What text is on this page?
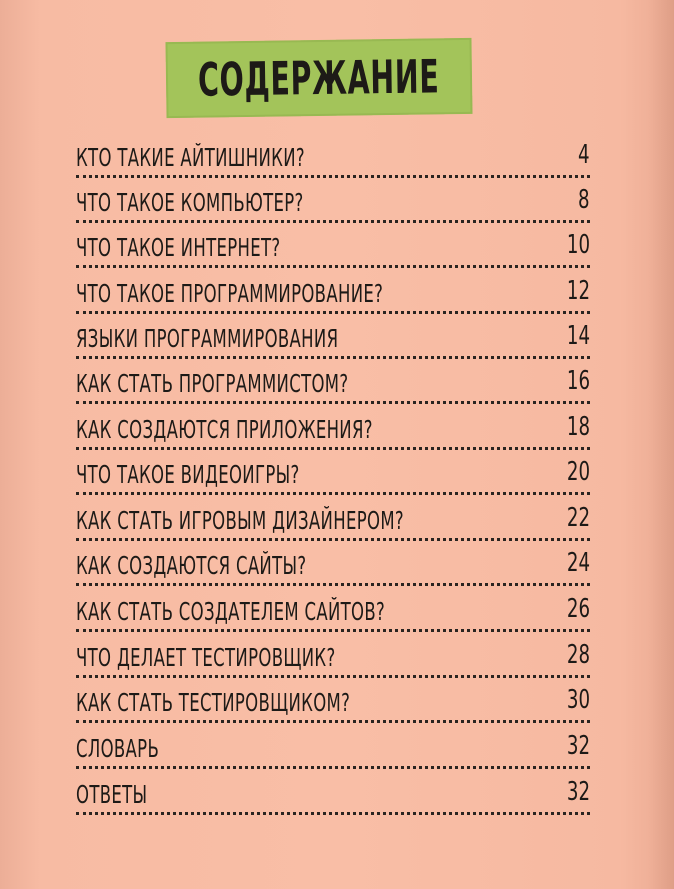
СОДЕРЖАНИЕ
КТО ТАКИЕ АЙТИШНИКИ?	4
ЧТО ТАКОЕ КОМПЬЮТЕР?	8
ЧТО ТАКОЕ ИНТЕРНЕТ?	10
ЧТО ТАКОЕ ПРОГРАММИРОВАНИЕ?	12
ЯЗЫКИ ПРОГРАММИРОВАНИЯ	14
КАК СТАТЬ ПРОГРАММИСТОМ?	16
КАК СОЗДАЮТСЯ ПРИЛОЖЕНИЯ?	18
ЧТО ТАКОЕ ВИДЕОИГРЫ?	20
КАК СТАТЬ ИГРОВЫМ ДИЗАЙНЕРОМ?	22
КАК СОЗДАЮТСЯ САЙТЫ?	24
КАК СТАТЬ СОЗДАТЕЛЕМ САЙТОВ?	26
ЧТО ДЕЛАЕТ ТЕСТИРОВЩИК?	28
КАК СТАТЬ ТЕСТИРОВЩИКОМ?	30
СЛОВАРЬ	32
ОТВЕТЫ	32
